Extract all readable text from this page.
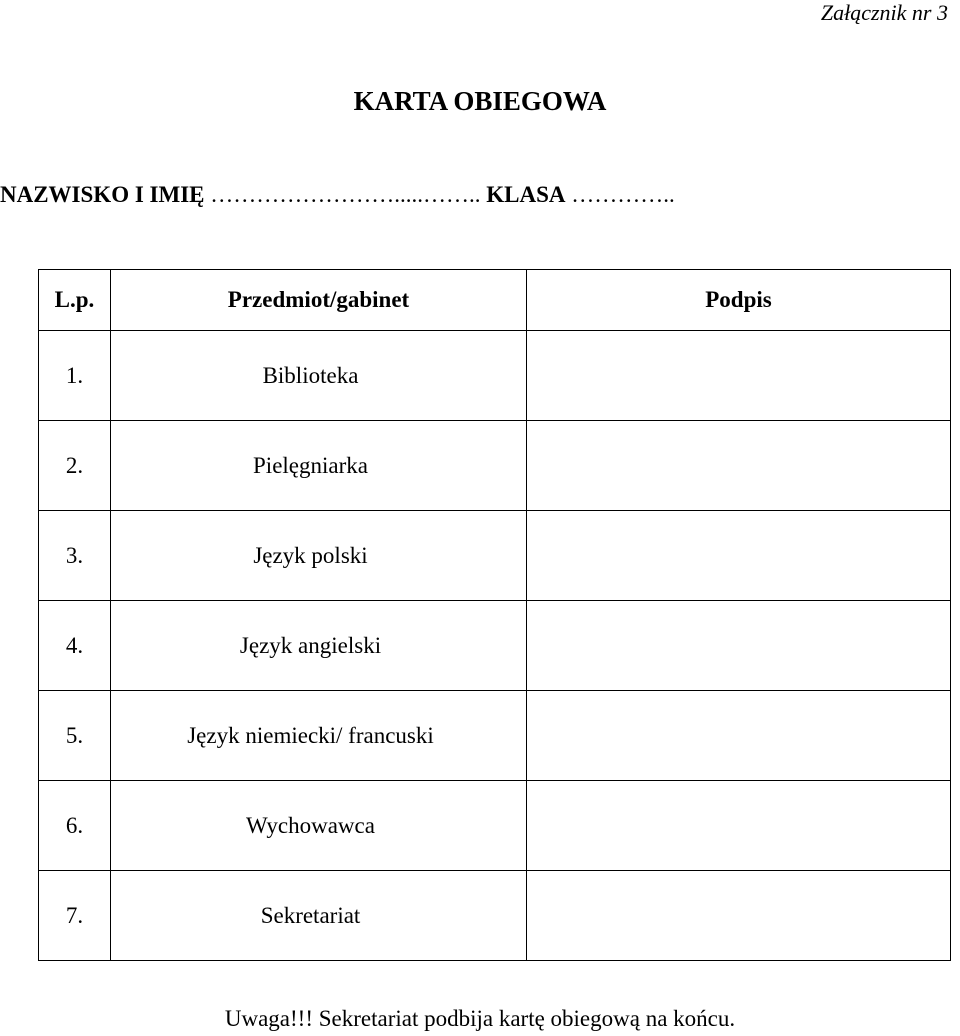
Załącznik nr 3
KARTA OBIEGOWA
NAZWISKO I IMIĘ …………………….....…….. KLASA …………..
L.p.	Przedmiot/gabinet	Podpis
1.	Biblioteka	
2.	Pielęgniarka	
3.	Język polski	
4.	Język angielski	
5.	Język niemiecki/ francuski	
6.	Wychowawca	
7.	Sekretariat	
Uwaga!!! Sekretariat podbija kartę obiegową na końcu.
